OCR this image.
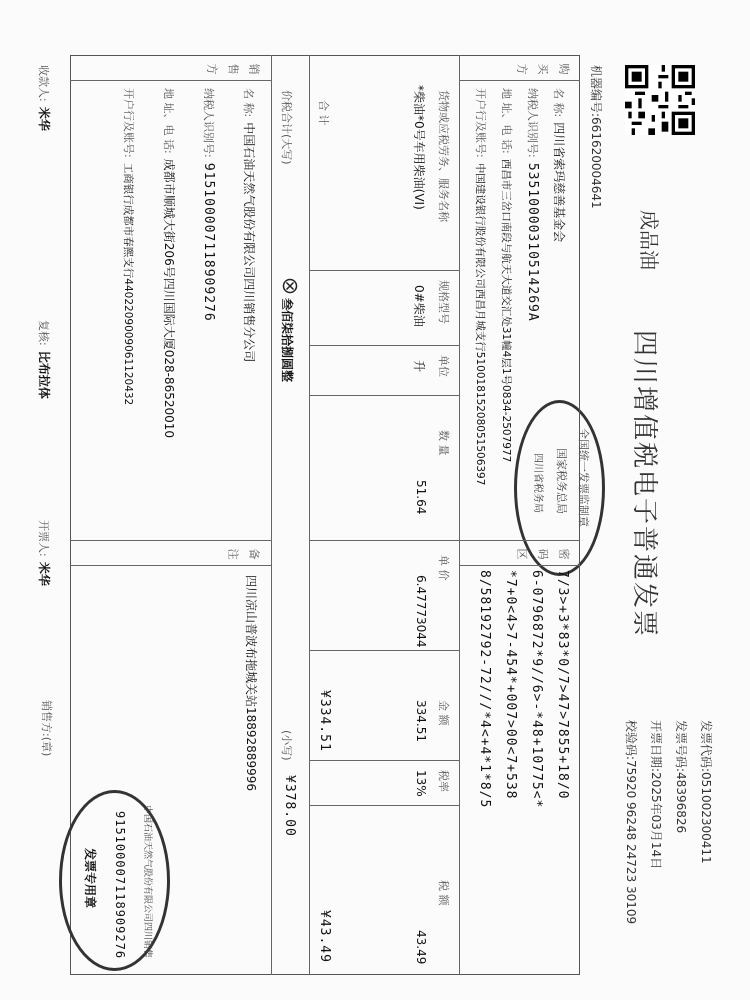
机器编号:661620004641
成品油
四川增值税电子普通发票
发票代码:051002300411
发票号码:48396826
开票日期:2025年03月14日
校验码:75920 96248 24723 30109
全国统一发票监制章
国家税务总局
四川省税务局
购买方
名 称: 四川省索玛慈善基金会
纳税人识别号: 53510000310514269A
地 址、电 话: 西昌市三岔口南段与航天大道交汇处31幢4层1号0834-2507977
开户行及账号: 中国建设银行股份有限公司西昌月城支行51001815208051506397
密码区
7/3>+3*83*0/7>47>7855+18/0
6-0796872*9//6>-*48+10775<*
*7+0<4>7-454*+007>00<7+538
8/58192792-72///*4<+4*1*8/5
货物或应税劳务、服务名称
规格型号
单位
数 量
单 价
金 额
税率
税 额
*柴油*0号车用柴油(VI)
0#柴油
升
51.64
6.47773044
334.51
13%
43.49
合 计
¥334.51
¥43.49
价税合计(大写)
叁佰柒拾捌圆整
(小写)
¥378.00
销售方
名 称: 中国石油天然气股份有限公司四川销售分公司
纳税人识别号: 915100007118909276
地 址、电 话: 成都市顺城大街206号四川国际大厦028-86520010
开户行及账号: 工商银行成都市春熙支行4402209009061120432
备注
四川凉山普波布拖城关站18892889996
中国石油天然气股份有限公司四川销售
915100007118909276
发票专用章
收款人: 米华
复核: 比布拉体
开票人: 米华
销售方:(章)
